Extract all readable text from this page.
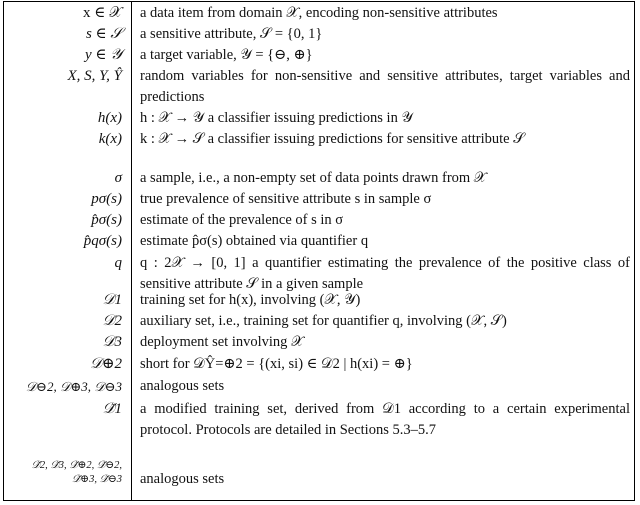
x ∈ 𝒳 a data item from domain 𝒳, encoding non-sensitive attributes
s ∈ 𝒮 a sensitive attribute, 𝒮 = {0, 1}
y ∈ 𝒴 a target variable, 𝒴 = {⊖, ⊕}
X, S, Y, Ŷ random variables for non-sensitive and sensitive attributes, target variables and predictions
h(x) h : 𝒳 → 𝒴 a classifier issuing predictions in 𝒴
k(x) k : 𝒳 → 𝒮 a classifier issuing predictions for sensitive attribute 𝒮
σ a sample, i.e., a non-empty set of data points drawn from 𝒳
pσ(s) true prevalence of sensitive attribute s in sample σ
p̂σ(s) estimate of the prevalence of s in σ
p̂qσ(s) estimate p̂σ(s) obtained via quantifier q
q q : 2𝒳 → [0, 1] a quantifier estimating the prevalence of the positive class of sensitive attribute 𝒮 in a given sample
𝒟1 training set for h(x), involving (𝒳, 𝒴)
𝒟2 auxiliary set, i.e., training set for quantifier q, involving (𝒳, 𝒮)
𝒟3 deployment set involving 𝒳
𝒟⊕2 short for 𝒟Ŷ=⊕2 = {(xi, si) ∈ 𝒟2 | h(xi) = ⊕}
𝒟⊖2, 𝒟⊕3, 𝒟⊖3 analogous sets
𝒟̆1 a modified training set, derived from 𝒟1 according to a certain experimental protocol. Protocols are detailed in Sections 5.3–5.7
𝒟̆2, 𝒟̆3, 𝒟̆⊕2, 𝒟̆⊖2, 𝒟̆⊕3, 𝒟̆⊖3 analogous sets
